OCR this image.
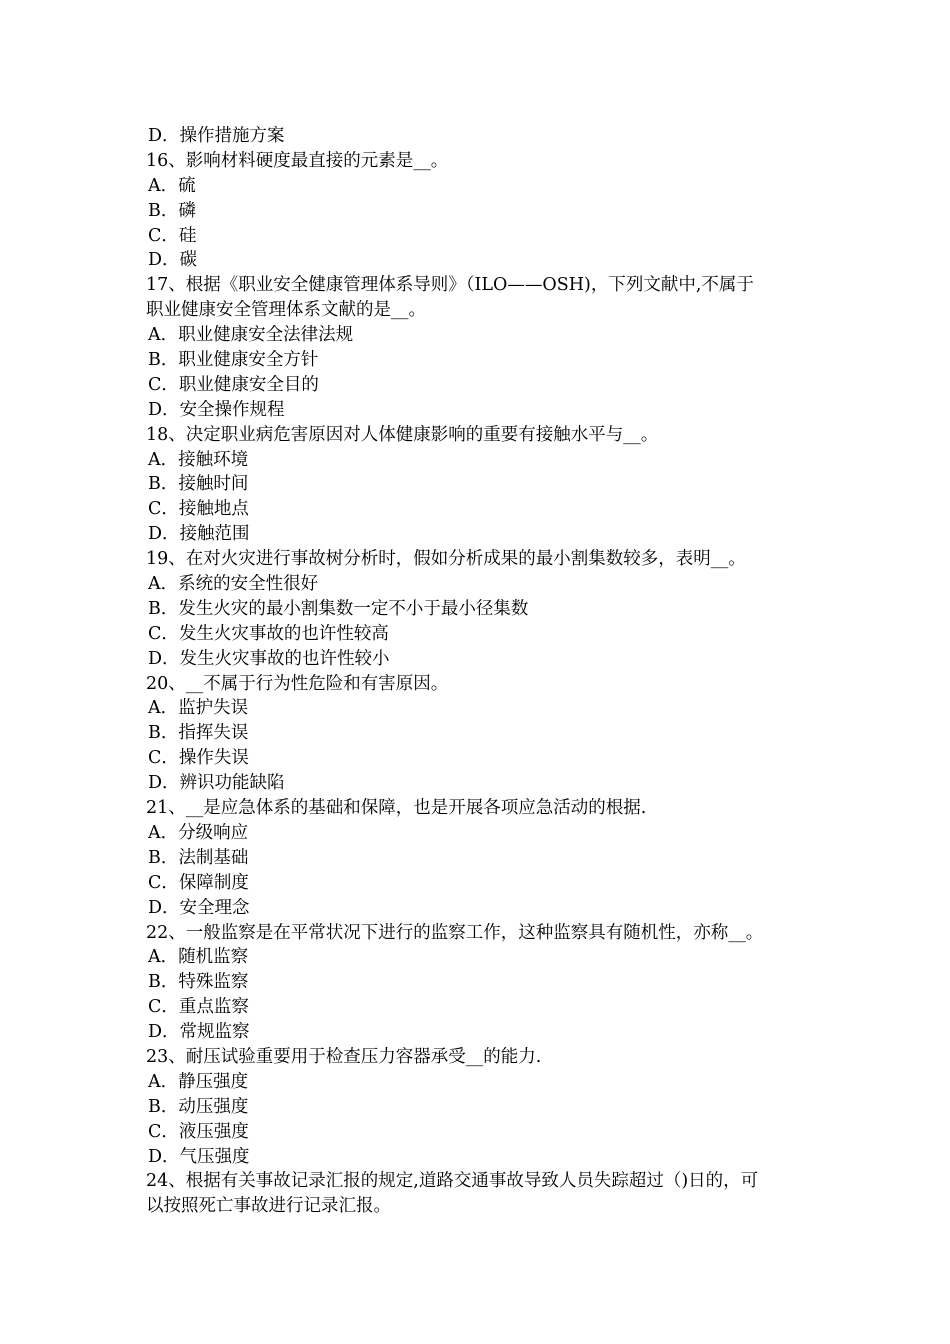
D．操作措施方案
16、影响材料硬度最直接的元素是__。
A．硫
B．磷
C．硅
D．碳
17、根据《职业安全健康管理体系导则》（ILO——OSH)，下列文献中,不属于
职业健康安全管理体系文献的是__。
A．职业健康安全法律法规
B．职业健康安全方针
C．职业健康安全目的
D．安全操作规程
18、决定职业病危害原因对人体健康影响的重要有接触水平与__。
A．接触环境
B．接触时间
C．接触地点
D．接触范围
19、在对火灾进行事故树分析时，假如分析成果的最小割集数较多，表明__。
A．系统的安全性很好
B．发生火灾的最小割集数一定不小于最小径集数
C．发生火灾事故的也许性较高
D．发生火灾事故的也许性较小
20、__不属于行为性危险和有害原因。
A．监护失误
B．指挥失误
C．操作失误
D．辨识功能缺陷
21、__是应急体系的基础和保障，也是开展各项应急活动的根据.
A．分级响应
B．法制基础
C．保障制度
D．安全理念
22、一般监察是在平常状况下进行的监察工作，这种监察具有随机性，亦称__。
A．随机监察
B．特殊监察
C．重点监察
D．常规监察
23、耐压试验重要用于检查压力容器承受__的能力.
A．静压强度
B．动压强度
C．液压强度
D．气压强度
24、根据有关事故记录汇报的规定,道路交通事故导致人员失踪超过（)日的，可
以按照死亡事故进行记录汇报。
